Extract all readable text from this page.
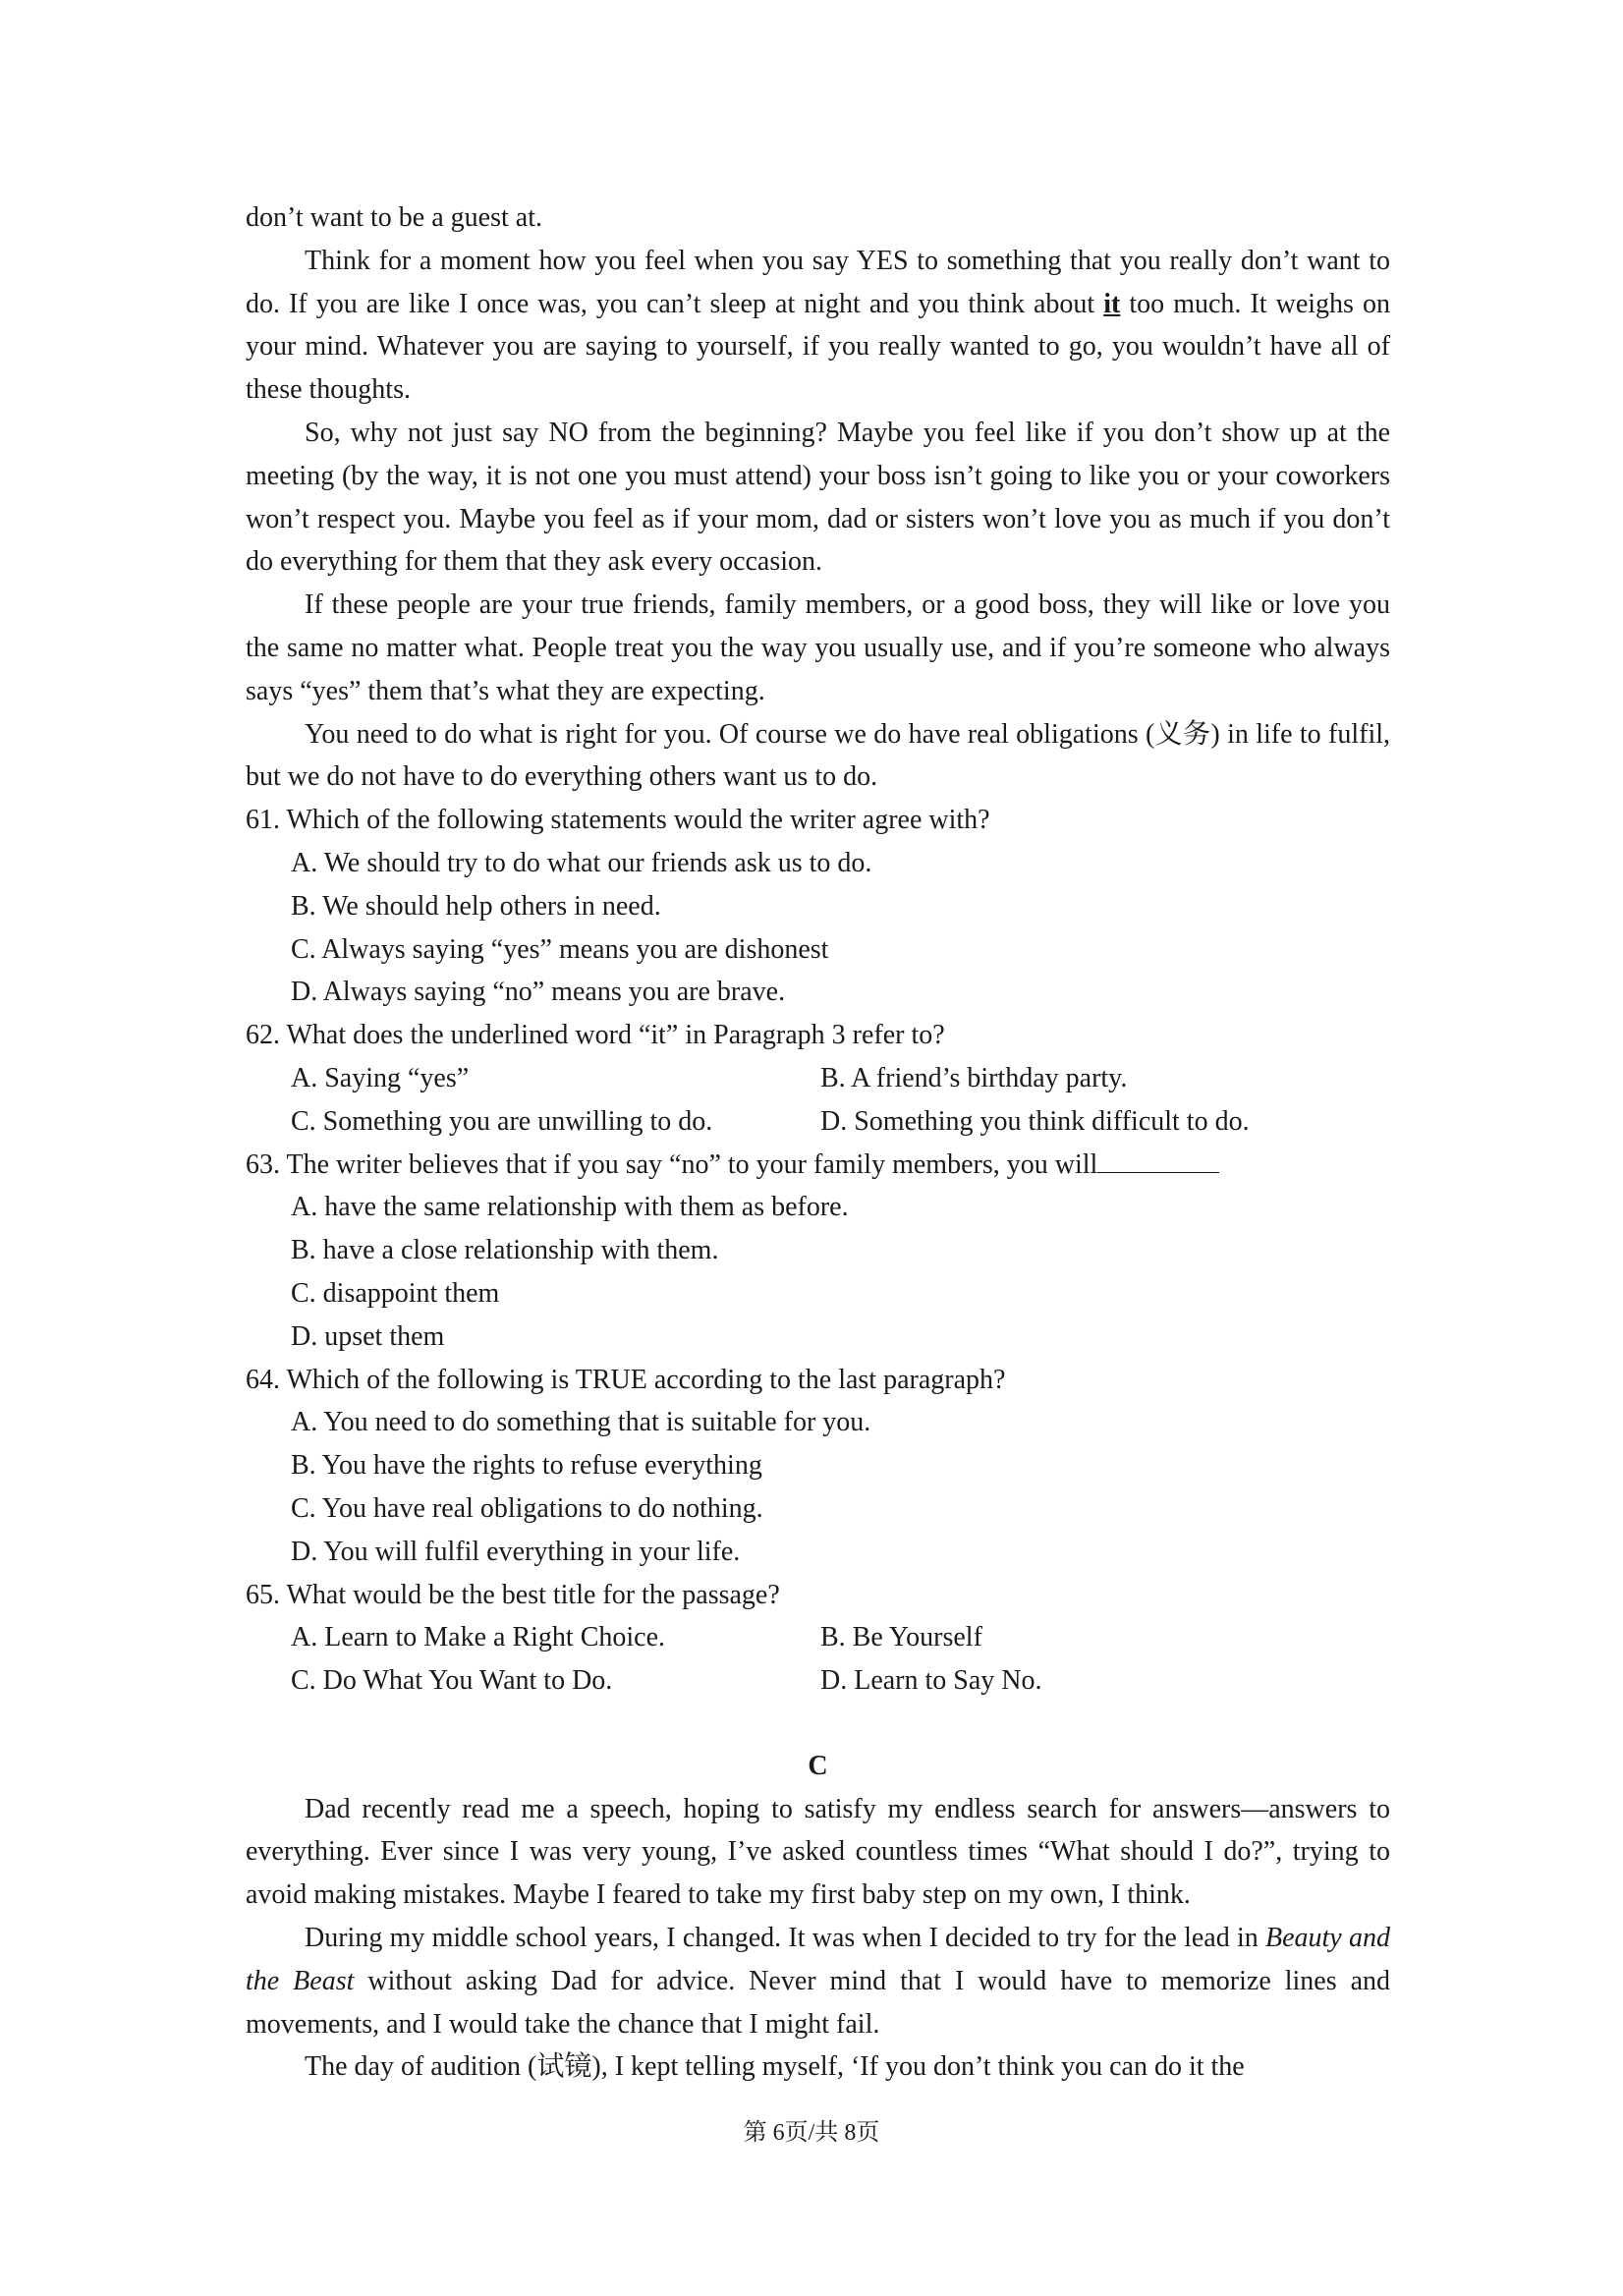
don’t want to be a guest at.

Think for a moment how you feel when you say YES to something that you really don’t want to do. If you are like I once was, you can’t sleep at night and you think about it too much. It weighs on your mind. Whatever you are saying to yourself, if you really wanted to go, you wouldn’t have all of these thoughts.

So, why not just say NO from the beginning? Maybe you feel like if you don’t show up at the meeting (by the way, it is not one you must attend) your boss isn’t going to like you or your coworkers won’t respect you. Maybe you feel as if your mom, dad or sisters won’t love you as much if you don’t do everything for them that they ask every occasion.

If these people are your true friends, family members, or a good boss, they will like or love you the same no matter what. People treat you the way you usually use, and if you’re someone who always says “yes” them that’s what they are expecting.

You need to do what is right for you. Of course we do have real obligations (义务) in life to fulfil, but we do not have to do everything others want us to do.

61. Which of the following statements would the writer agree with?

A. We should try to do what our friends ask us to do.

B. We should help others in need.

C. Always saying “yes” means you are dishonest

D. Always saying “no” means you are brave.

62. What does the underlined word “it” in Paragraph 3 refer to?

A. Saying “yes”	B. A friend’s birthday party.
C. Something you are unwilling to do.	D. Something you think difficult to do.

63. The writer believes that if you say “no” to your family members, you will

A. have the same relationship with them as before.

B. have a close relationship with them.

C. disappoint them

D. upset them

64. Which of the following is TRUE according to the last paragraph?

A. You need to do something that is suitable for you.

B. You have the rights to refuse everything

C. You have real obligations to do nothing.

D. You will fulfil everything in your life.

65. What would be the best title for the passage?

A. Learn to Make a Right Choice.	B. Be Yourself
C. Do What You Want to Do.	D. Learn to Say No.

C

Dad recently read me a speech, hoping to satisfy my endless search for answers—answers to everything. Ever since I was very young, I’ve asked countless times “What should I do?”, trying to avoid making mistakes. Maybe I feared to take my first baby step on my own, I think.

During my middle school years, I changed. It was when I decided to try for the lead in Beauty and the Beast without asking Dad for advice. Never mind that I would have to memorize lines and movements, and I would take the chance that I might fail.

The day of audition (试镜), I kept telling myself, ‘If you don’t think you can do it the

第 6页/共 8页
